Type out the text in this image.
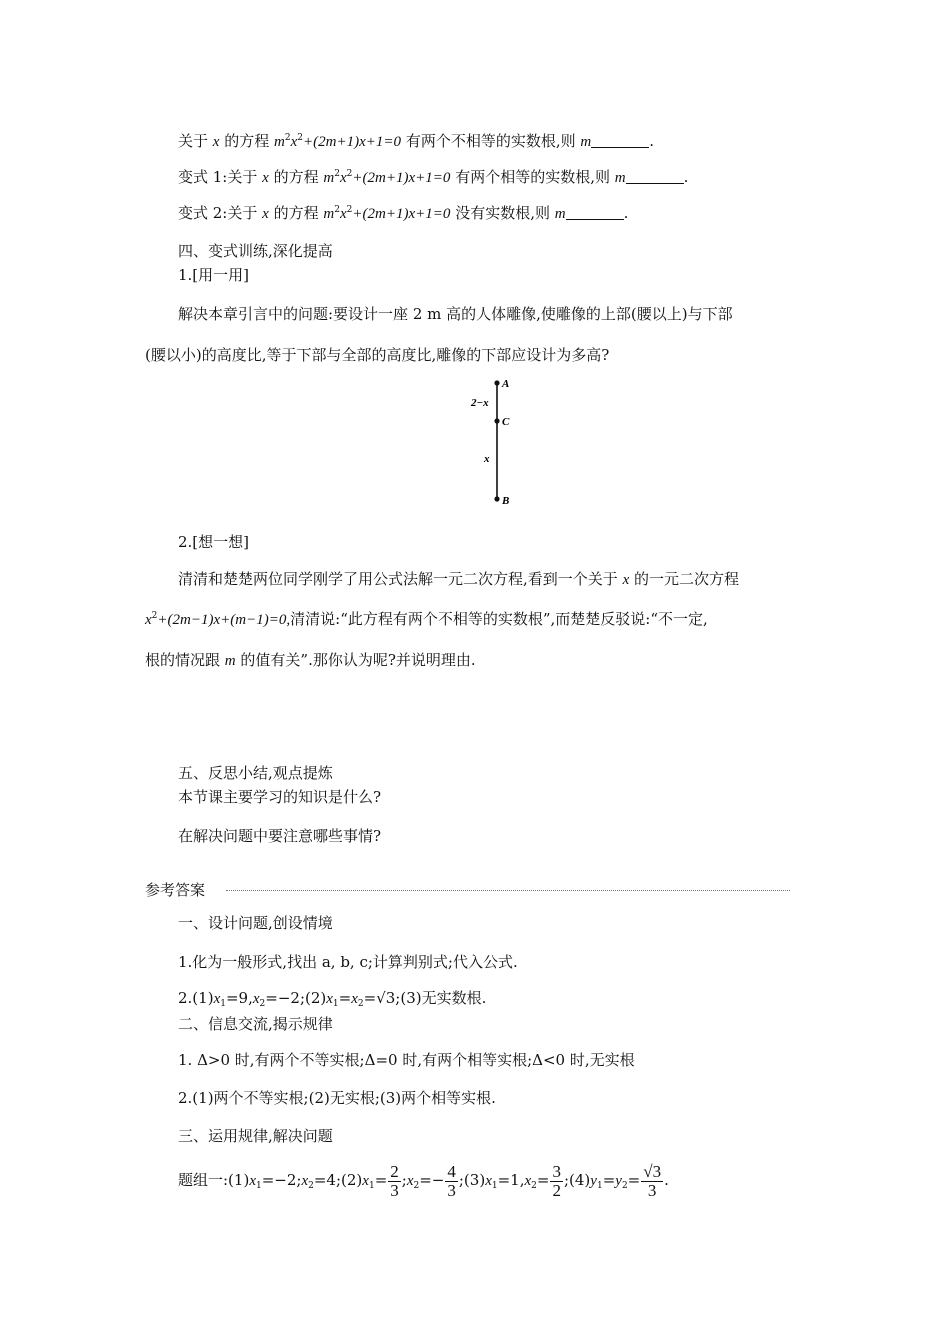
关于 x 的方程 $m^2x^2+(2m+1)x+1=0$ 有两个不相等的实数根,则 m	.
变式 1:关于 x 的方程 $m^2x^2+(2m+1)x+1=0$ 有两个相等的实数根,则 m	.
变式 2:关于 x 的方程 $m^2x^2+(2m+1)x+1=0$ 没有实数根,则 m	.
四、变式训练,深化提高
1.[用一用]
解决本章引言中的问题:要设计一座 2 m 高的人体雕像,使雕像的上部(腰以上)与下部
(腰以小)的高度比,等于下部与全部的高度比,雕像的下部应设计为多高?
A
C
B
2−x
x
2.[想一想]
清清和楚楚两位同学刚学了用公式法解一元二次方程,看到一个关于 x 的一元二次方程
$x^2+(2m-1)x+(m-1)=0$,清清说:“此方程有两个不相等的实数根”,而楚楚反驳说:“不一定,
根的情况跟 m 的值有关”.那你认为呢?并说明理由.
五、反思小结,观点提炼
本节课主要学习的知识是什么?
在解决问题中要注意哪些事情?
参考答案
一、设计问题,创设情境
1.化为一般形式,找出 a, b, c;计算判别式;代入公式.
$2.(1)x_1=9,x_2=-2;(2)x_1=x_2=√3;(3)$无实数根.
二、信息交流,揭示规律
1. Δ>0 时,有两个不等实根;Δ=0 时,有两个相等实根;Δ<0 时,无实根
2.(1)两个不等实根;(2)无实根;(3)两个相等实根.
三、运用规律,解决问题
题组一$:(1)x_1=-2;x_2=4;(2)x_1= \frac{2}{3}$ $;x_2=- \frac{4}{3}$ $;(3)x_1=1,x_2= \frac{3}{2}$ $;(4)y_1=y_2= \frac{√3}{3}$ .
